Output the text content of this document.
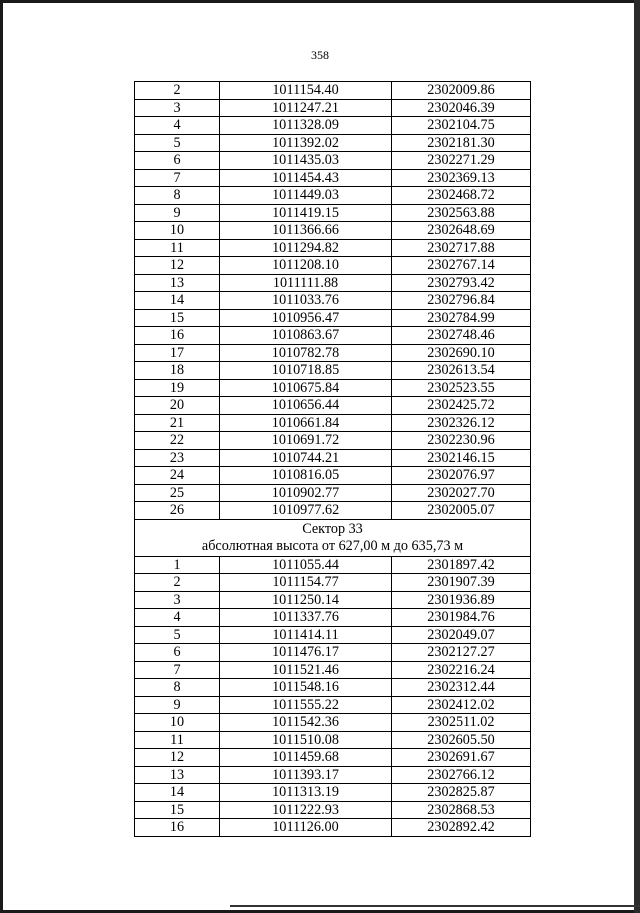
358
2	1011154.40	2302009.86
3	1011247.21	2302046.39
4	1011328.09	2302104.75
5	1011392.02	2302181.30
6	1011435.03	2302271.29
7	1011454.43	2302369.13
8	1011449.03	2302468.72
9	1011419.15	2302563.88
10	1011366.66	2302648.69
11	1011294.82	2302717.88
12	1011208.10	2302767.14
13	1011111.88	2302793.42
14	1011033.76	2302796.84
15	1010956.47	2302784.99
16	1010863.67	2302748.46
17	1010782.78	2302690.10
18	1010718.85	2302613.54
19	1010675.84	2302523.55
20	1010656.44	2302425.72
21	1010661.84	2302326.12
22	1010691.72	2302230.96
23	1010744.21	2302146.15
24	1010816.05	2302076.97
25	1010902.77	2302027.70
26	1010977.62	2302005.07

Сектор 33
абсолютная высота от 627,00 м до 635,73 м		

1	1011055.44	2301897.42
2	1011154.77	2301907.39
3	1011250.14	2301936.89
4	1011337.76	2301984.76
5	1011414.11	2302049.07
6	1011476.17	2302127.27
7	1011521.46	2302216.24
8	1011548.16	2302312.44
9	1011555.22	2302412.02
10	1011542.36	2302511.02
11	1011510.08	2302605.50
12	1011459.68	2302691.67
13	1011393.17	2302766.12
14	1011313.19	2302825.87
15	1011222.93	2302868.53
16	1011126.00	2302892.42
